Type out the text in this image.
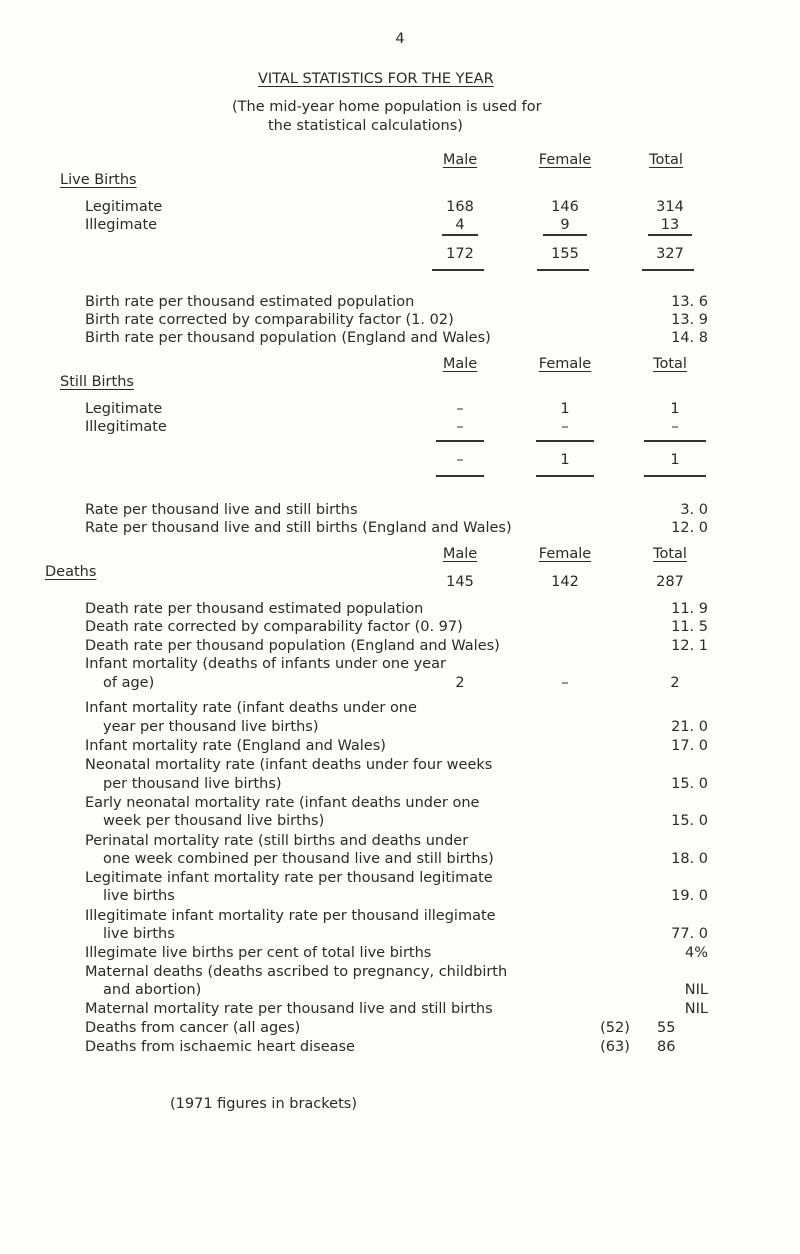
4
VITAL STATISTICS FOR THE YEAR
(The mid-year home population is used for
the statistical calculations)
Male	Female	Total
Live Births
Legitimate	168	146	314
Illegimate	4	9	13
172	155	327
Birth rate per thousand estimated population	13. 6
Birth rate corrected by comparability factor (1. 02)	13. 9
Birth rate per thousand population (England and Wales)	14. 8
Male	Female	Total
Still Births
Legitimate	–	1	1
Illegitimate	–	–	–
–	1	1
Rate per thousand live and still births	3. 0
Rate per thousand live and still births (England and Wales)	12. 0
Male	Female	Total
Deaths
145	142	287
Death rate per thousand estimated population	11. 9
Death rate corrected by comparability factor (0. 97)	11. 5
Death rate per thousand population (England and Wales)	12. 1
Infant mortality (deaths of infants under one year
of age)	2	–	2
Infant mortality rate (infant deaths under one
year per thousand live births)	21. 0
Infant mortality rate (England and Wales)	17. 0
Neonatal mortality rate (infant deaths under four weeks
per thousand live births)	15. 0
Early neonatal mortality rate (infant deaths under one
week per thousand live births)	15. 0
Perinatal mortality rate (still births and deaths under
one week combined per thousand live and still births)	18. 0
Legitimate infant mortality rate per thousand legitimate
live births	19. 0
Illegitimate infant mortality rate per thousand illegimate
live births	77. 0
Illegimate live births per cent of total live births	4%
Maternal deaths (deaths ascribed to pregnancy, childbirth
and abortion)	NIL
Maternal mortality rate per thousand live and still births	NIL
Deaths from cancer (all ages)	(52)	55
Deaths from ischaemic heart disease	(63)	86
(1971 figures in brackets)
